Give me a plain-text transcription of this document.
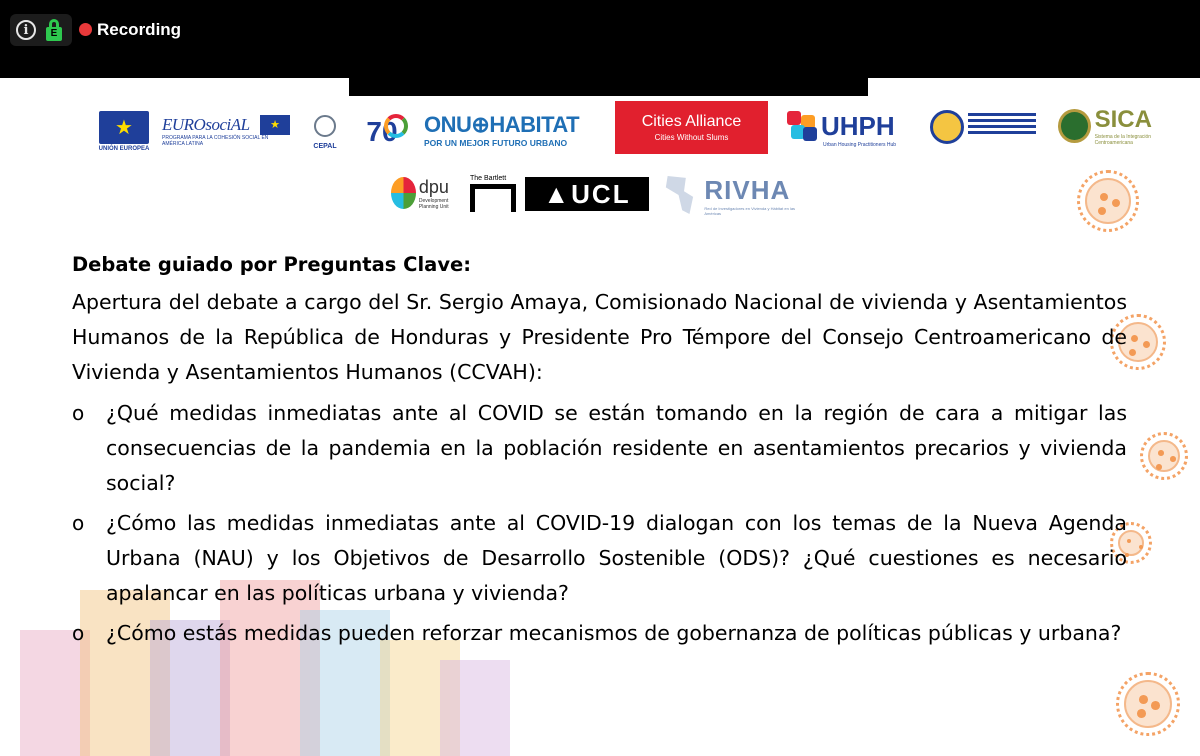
i	E Recording
★
UNIÓN EUROPEA
EUROsociAL	★
PROGRAMA PARA LA COHESIÓN SOCIAL EN AMÉRICA LATINA	CEPAL 70 ONU⊕HABITAT
POR UN MEJOR FUTURO URBANO
Cities Alliance
Cities Without Slums	UHPH
Urban Housing Practitioners Hub
SICA
Sistema de la Integración Centroamericana
dpu
Development Planning Unit
The Bartlett
▲UCL	RIVHA
Red de Investigadores en Vivienda y Hábitat en las Américas
Debate guiado por Preguntas Clave:

Apertura del debate a cargo del Sr. Sergio Amaya, Comisionado Nacional de vivienda y Asentamientos Humanos de la República de Honduras y Presidente Pro Témpore del Consejo Centroamericano de Vivienda y Asentamientos Humanos (CCVAH):

o ¿Qué medidas inmediatas ante al COVID se están tomando en la región de cara a mitigar las consecuencias de la pandemia en la población residente en asentamientos precarios y vivienda social?
o ¿Cómo las medidas inmediatas ante al COVID-19 dialogan con los temas de la Nueva Agenda Urbana (NAU) y los Objetivos de Desarrollo Sostenible (ODS)? ¿Qué cuestiones es necesario apalancar en las políticas urbana y vivienda?
o ¿Cómo estás medidas pueden reforzar mecanismos de gobernanza de políticas públicas y urbana?
